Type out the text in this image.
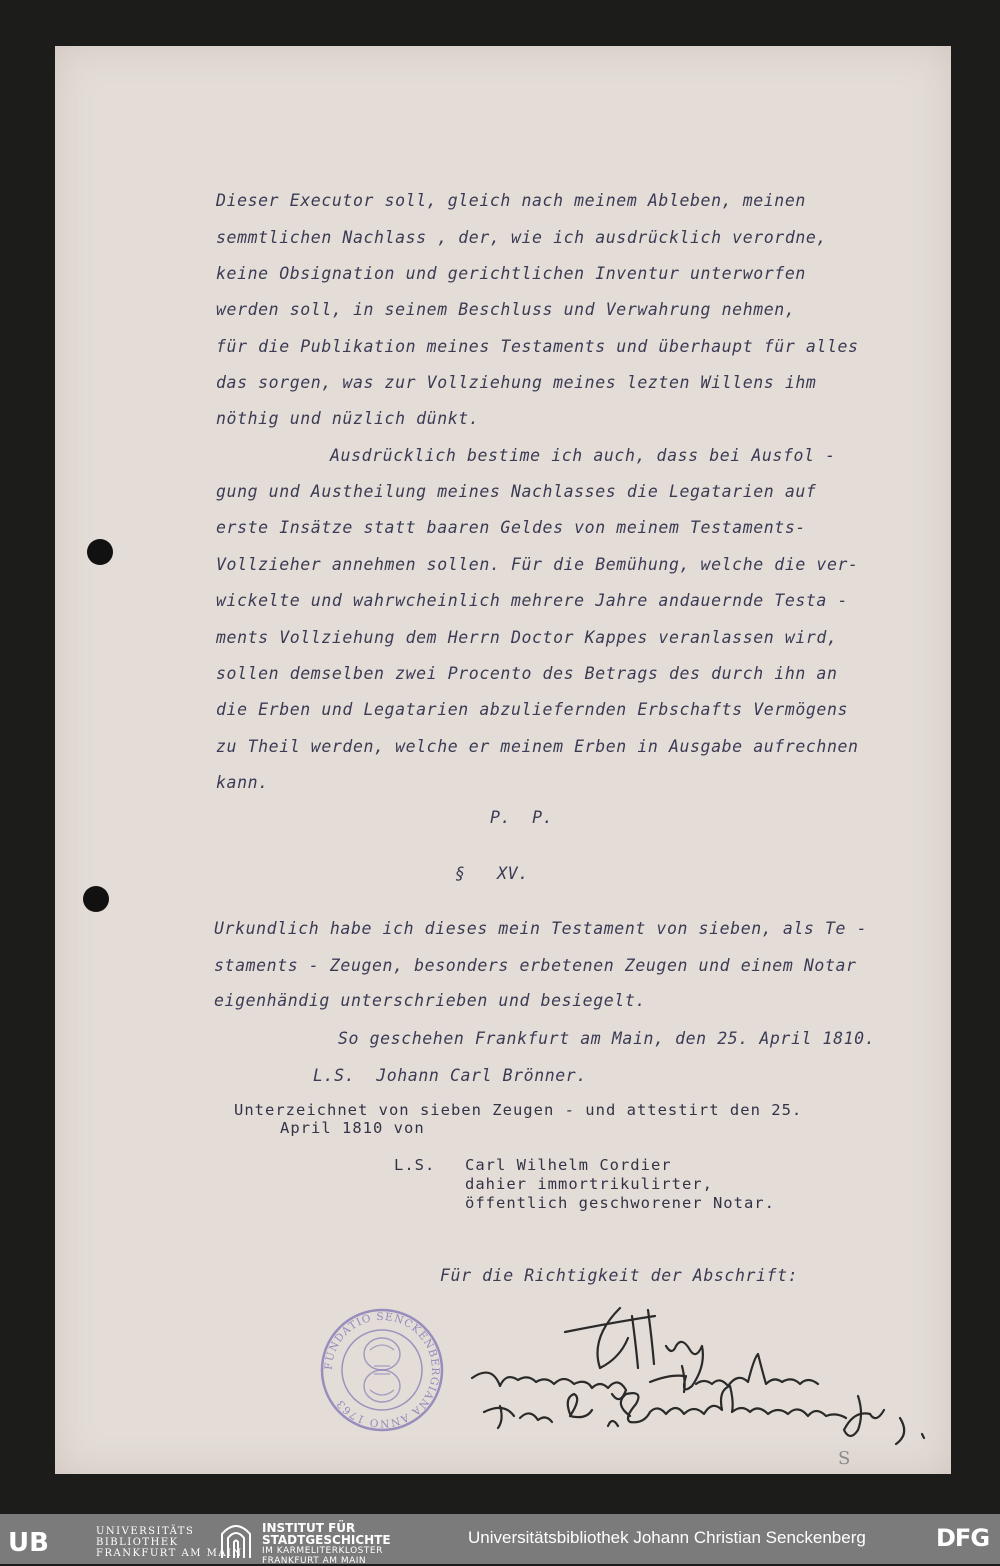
Dieser Executor soll, gleich nach meinem Ableben, meinen

semmtlichen Nachlass , der, wie ich ausdrücklich verordne,

keine Obsignation und gerichtlichen Inventur unterworfen

werden soll, in seinem Beschluss und Verwahrung nehmen,

für die Publikation meines Testaments und überhaupt für alles

das sorgen, was zur Vollziehung meines lezten Willens ihm

nöthig und nüzlich dünkt.

Ausdrücklich bestime ich auch, dass bei Ausfol -

gung und Austheilung meines Nachlasses die Legatarien auf

erste Insätze statt baaren Geldes von meinem Testaments-

Vollzieher annehmen sollen. Für die Bemühung, welche die ver-

wickelte und wahrwcheinlich mehrere Jahre andauernde Testa -

ments Vollziehung dem Herrn Doctor Kappes veranlassen wird,

sollen demselben zwei Procento des Betrags des durch ihn an

die Erben und Legatarien abzuliefernden Erbschafts Vermögens

zu Theil werden, welche er meinem Erben in Ausgabe aufrechnen

kann.

P.  P.

§   XV.

Urkundlich habe ich dieses mein Testament von sieben, als Te -

staments - Zeugen, besonders erbetenen Zeugen und einem Notar

eigenhändig unterschrieben und besiegelt.

So geschehen Frankfurt am Main, den 25. April 1810.

L.S.  Johann Carl Brönner.

Unterzeichnet von sieben Zeugen - und attestirt den 25.

April 1810 von

L.S. Carl Wilhelm Cordier

dahier immortrikulirter,

öffentlich geschworener Notar.

Für die Richtigkeit der Abschrift:

FUNDATIO SENCKENBERGIANA ANNO 1763
S
UB	UNIVERSITÄTS
BIBLIOTHEK
FRANKFURT AM MAIN
INSTITUT FÜR
STADTGESCHICHTE
IM KARMELITERKLOSTER
FRANKFURT AM MAIN
Universitätsbibliothek Johann Christian Senckenberg	DFG
